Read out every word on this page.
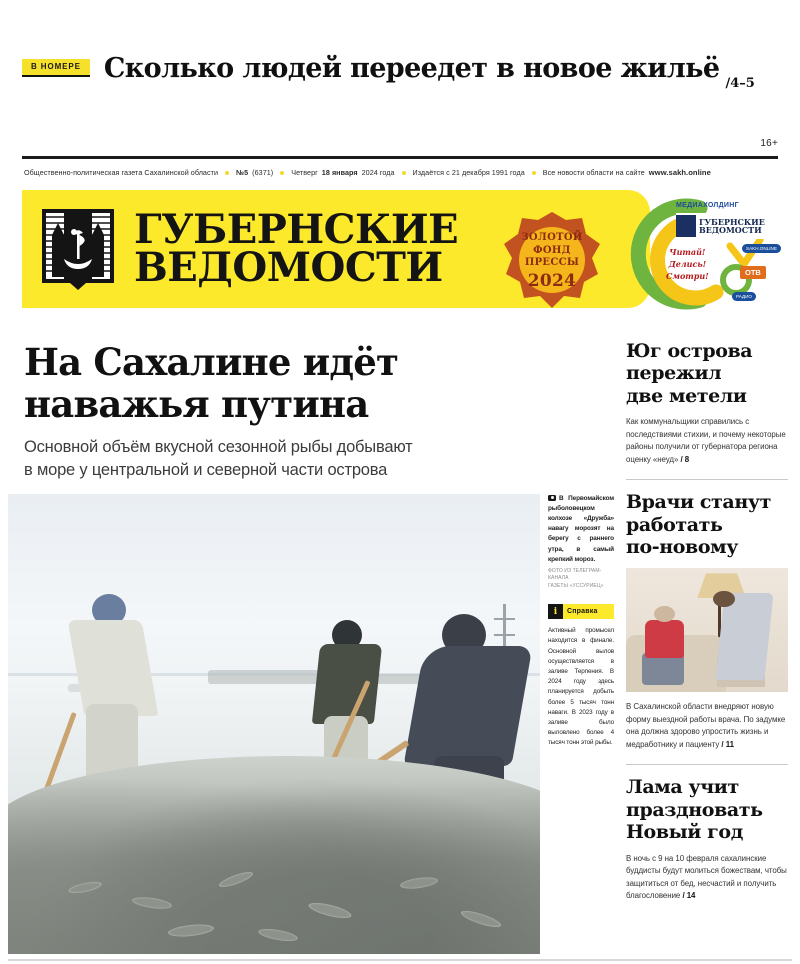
В НОМЕРЕ Сколько людей переедет в новое жильё /4–5
16+
Общественно-политическая газета Сахалинской области	№5 (6371)	Четверг 18 января 2024 года	Издаётся с 21 декабря 1991 года	Все новости области на сайте www.sakh.online
ГУБЕРНСКИЕ
ВЕДОМОСТИ
ЗОЛОТОЙ
ФОНД
ПРЕССЫ
2024
МЕДИАХОЛДИНГ
ГУБЕРНСКИЕ
ВЕДОМОСТИ
Читай!
Делись!
Смотри!	ОТВ
SAKH.ONLINE
РАДИО
На Сахалине идёт
наважья путина
Основной объём вкусной сезонной рыбы добывают
в море у центральной и северной части острова
В Первомайском рыболовецком колхозе «Дружба» навагу морозят на берегу с раннего утра, в самый крепкий мороз.
ФОТО ИЗ ТЕЛЕГРАМ-КАНАЛА
ГАЗЕТЫ «УССУРИЕЦ»
i	Справка
Активный промысел находится в финале. Основной вылов осуществляется в заливе Терпения. В 2024 году здесь планируется добыть более 5 тысяч тонн наваги. В 2023 году в заливе было выловлено более 4 тысяч тонн этой рыбы.
Юг острова
пережил
две метели
Как коммунальщики справились с последствиями стихии, и почему некоторые районы получили от губернатора региона оценку «неуд» / 8
Врачи станут
работать
по-новому
В Сахалинской области внедряют новую форму выездной работы врача. По задумке она должна здорово упростить жизнь и медработнику и пациенту / 11
Лама учит
праздновать
Новый год
В ночь с 9 на 10 февраля сахалинские буддисты будут молиться божествам, чтобы защититься от бед, несчастий и получить благословение / 14
